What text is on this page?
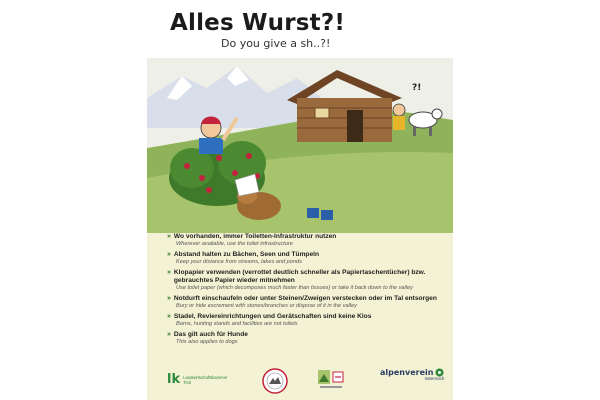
Alles Wurst?!
Do you give a sh..?!
?!
» Wo vorhanden, immer Toiletten-Infrastruktur nutzen
Wherever available, use the toilet infrastructure
» Abstand halten zu Bächen, Seen und Tümpeln
Keep your distance from streams, lakes and ponds
» Klopapier verwenden (verrottet deutlich schneller als Papiertaschentücher) bzw. gebrauchtes Papier wieder mitnehmen
Use toilet paper (which decomposes much faster than tissues) or take it back down to the valley
» Notdurft einschaufeln oder unter Steinen/Zweigen verstecken oder im Tal entsorgen
Bury or hide excrement with stones/branches or dispose of it in the valley
» Stadel, Reviereinrichtungen und Gerätschaften sind keine Klos
Barns, hunting stands and facilities are not toilets
» Das gilt auch für Hunde
This also applies to dogs
lk Landwirtschaftskammer
Tirol
alpenverein
österreich
